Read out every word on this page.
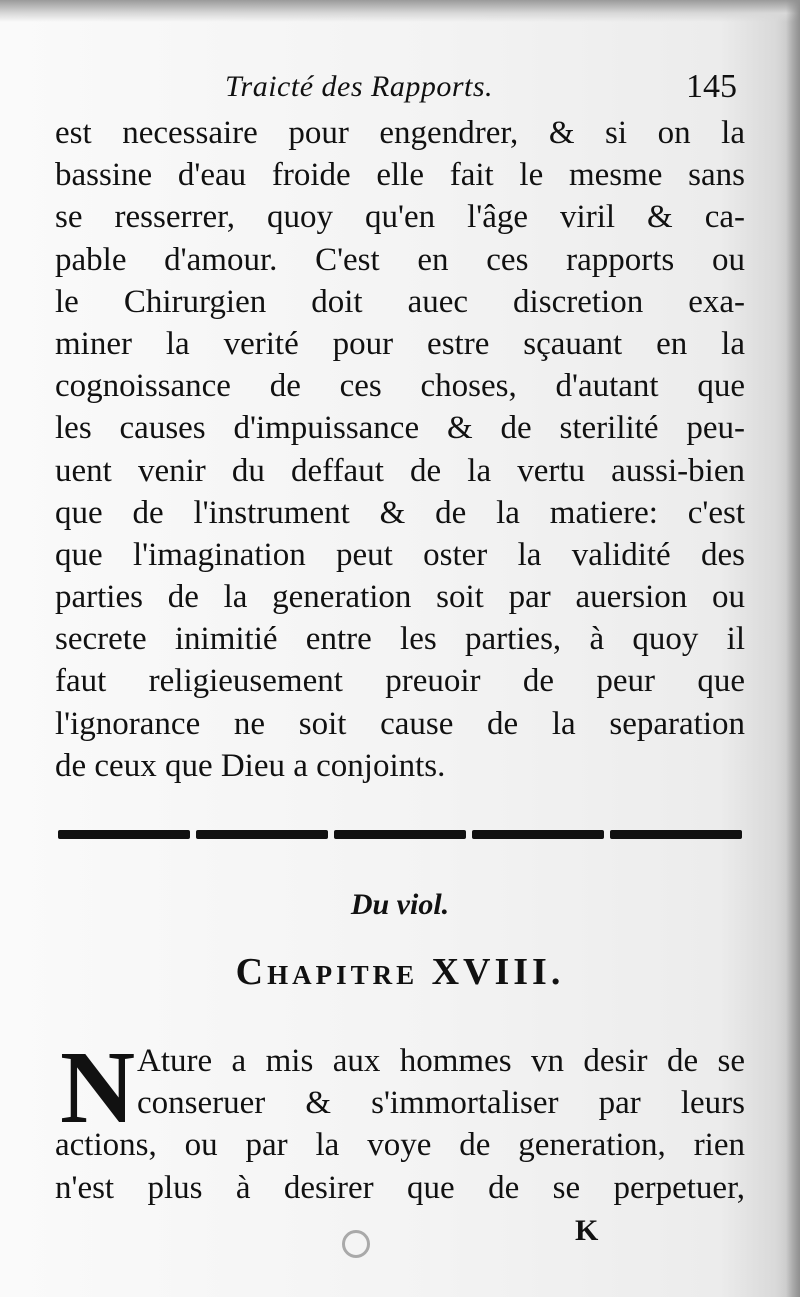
Traicté des Rapports.	145
est necessaire pour engendrer, & si on la
bassine d'eau froide elle fait le mesme sans
se resserrer, quoy qu'en l'âge viril & ca-
pable d'amour. C'est en ces rapports ou
le Chirurgien doit auec discretion exa-
miner la verité pour estre sçauant en la
cognoissance de ces choses, d'autant que
les causes d'impuissance & de sterilité peu-
uent venir du deffaut de la vertu aussi-bien
que de l'instrument & de la matiere: c'est
que l'imagination peut oster la validité des
parties de la generation soit par auersion ou
secrete inimitié entre les parties, à quoy il
faut religieusement preuoir de peur que
l'ignorance ne soit cause de la separation
de ceux que Dieu a conjoints.
Du viol.
Chapitre XVIII.
N Ature a mis aux hommes vn desir de se
conseruer & s'immortaliser par leurs
actions, ou par la voye de generation, rien
n'est plus à desirer que de se perpetuer,
K
